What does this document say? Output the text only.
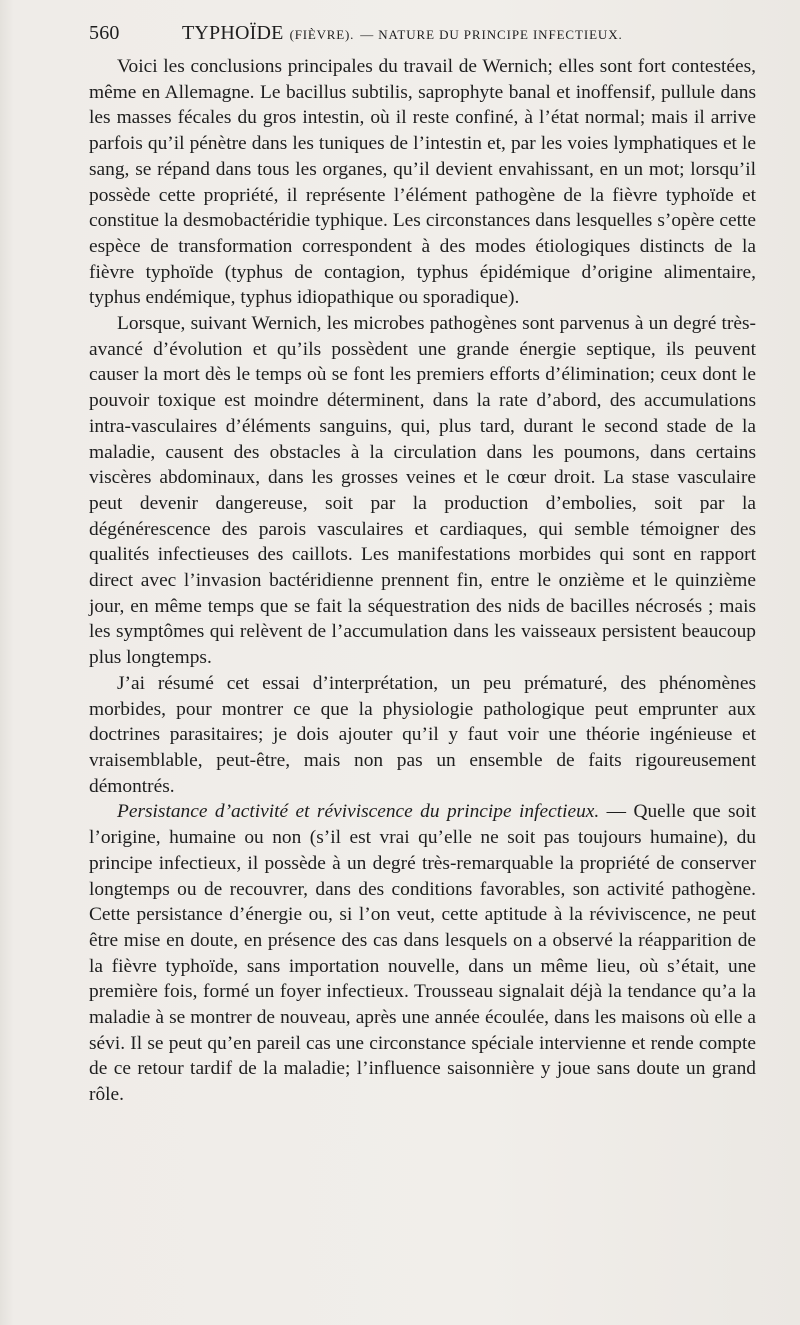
560	TYPHOÏDE (FIÈVRE). — NATURE DU PRINCIPE INFECTIEUX.

Voici les conclusions principales du travail de Wernich; elles sont fort contestées, même en Allemagne. Le bacillus subtilis, saprophyte banal et inoffensif, pullule dans les masses fécales du gros intestin, où il reste confiné, à l’état normal; mais il arrive parfois qu’il pénètre dans les tuniques de l’intestin et, par les voies lymphatiques et le sang, se répand dans tous les organes, qu’il devient envahissant, en un mot; lorsqu’il possède cette propriété, il représente l’élément pathogène de la fièvre typhoïde et constitue la desmobactéridie typhique. Les circonstances dans lesquelles s’opère cette espèce de transformation correspondent à des modes étiologiques distincts de la fièvre typhoïde (typhus de contagion, typhus épidémique d’origine alimentaire, typhus endémique, typhus idiopathique ou sporadique).

Lorsque, suivant Wernich, les microbes pathogènes sont parvenus à un degré très-avancé d’évolution et qu’ils possèdent une grande énergie septique, ils peuvent causer la mort dès le temps où se font les premiers efforts d’élimination; ceux dont le pouvoir toxique est moindre déterminent, dans la rate d’abord, des accumulations intra-vasculaires d’éléments sanguins, qui, plus tard, durant le second stade de la maladie, causent des obstacles à la circulation dans les poumons, dans certains viscères abdominaux, dans les grosses veines et le cœur droit. La stase vasculaire peut devenir dangereuse, soit par la production d’embolies, soit par la dégénérescence des parois vasculaires et cardiaques, qui semble témoigner des qualités infectieuses des caillots. Les manifestations morbides qui sont en rapport direct avec l’invasion bactéridienne prennent fin, entre le onzième et le quinzième jour, en même temps que se fait la séquestration des nids de bacilles nécrosés ; mais les symptômes qui relèvent de l’accumulation dans les vaisseaux persistent beaucoup plus longtemps.

J’ai résumé cet essai d’interprétation, un peu prématuré, des phénomènes morbides, pour montrer ce que la physiologie pathologique peut emprunter aux doctrines parasitaires; je dois ajouter qu’il y faut voir une théorie ingénieuse et vraisemblable, peut-être, mais non pas un ensemble de faits rigoureusement démontrés.

Persistance d’activité et réviviscence du principe infectieux. — Quelle que soit l’origine, humaine ou non (s’il est vrai qu’elle ne soit pas toujours humaine), du principe infectieux, il possède à un degré très-remarquable la propriété de conserver longtemps ou de recouvrer, dans des conditions favorables, son activité pathogène. Cette persistance d’énergie ou, si l’on veut, cette aptitude à la réviviscence, ne peut être mise en doute, en présence des cas dans lesquels on a observé la réapparition de la fièvre typhoïde, sans importation nouvelle, dans un même lieu, où s’était, une première fois, formé un foyer infectieux. Trousseau signalait déjà la tendance qu’a la maladie à se montrer de nouveau, après une année écoulée, dans les maisons où elle a sévi. Il se peut qu’en pareil cas une circonstance spéciale intervienne et rende compte de ce retour tardif de la maladie; l’influence saisonnière y joue sans doute un grand rôle.
